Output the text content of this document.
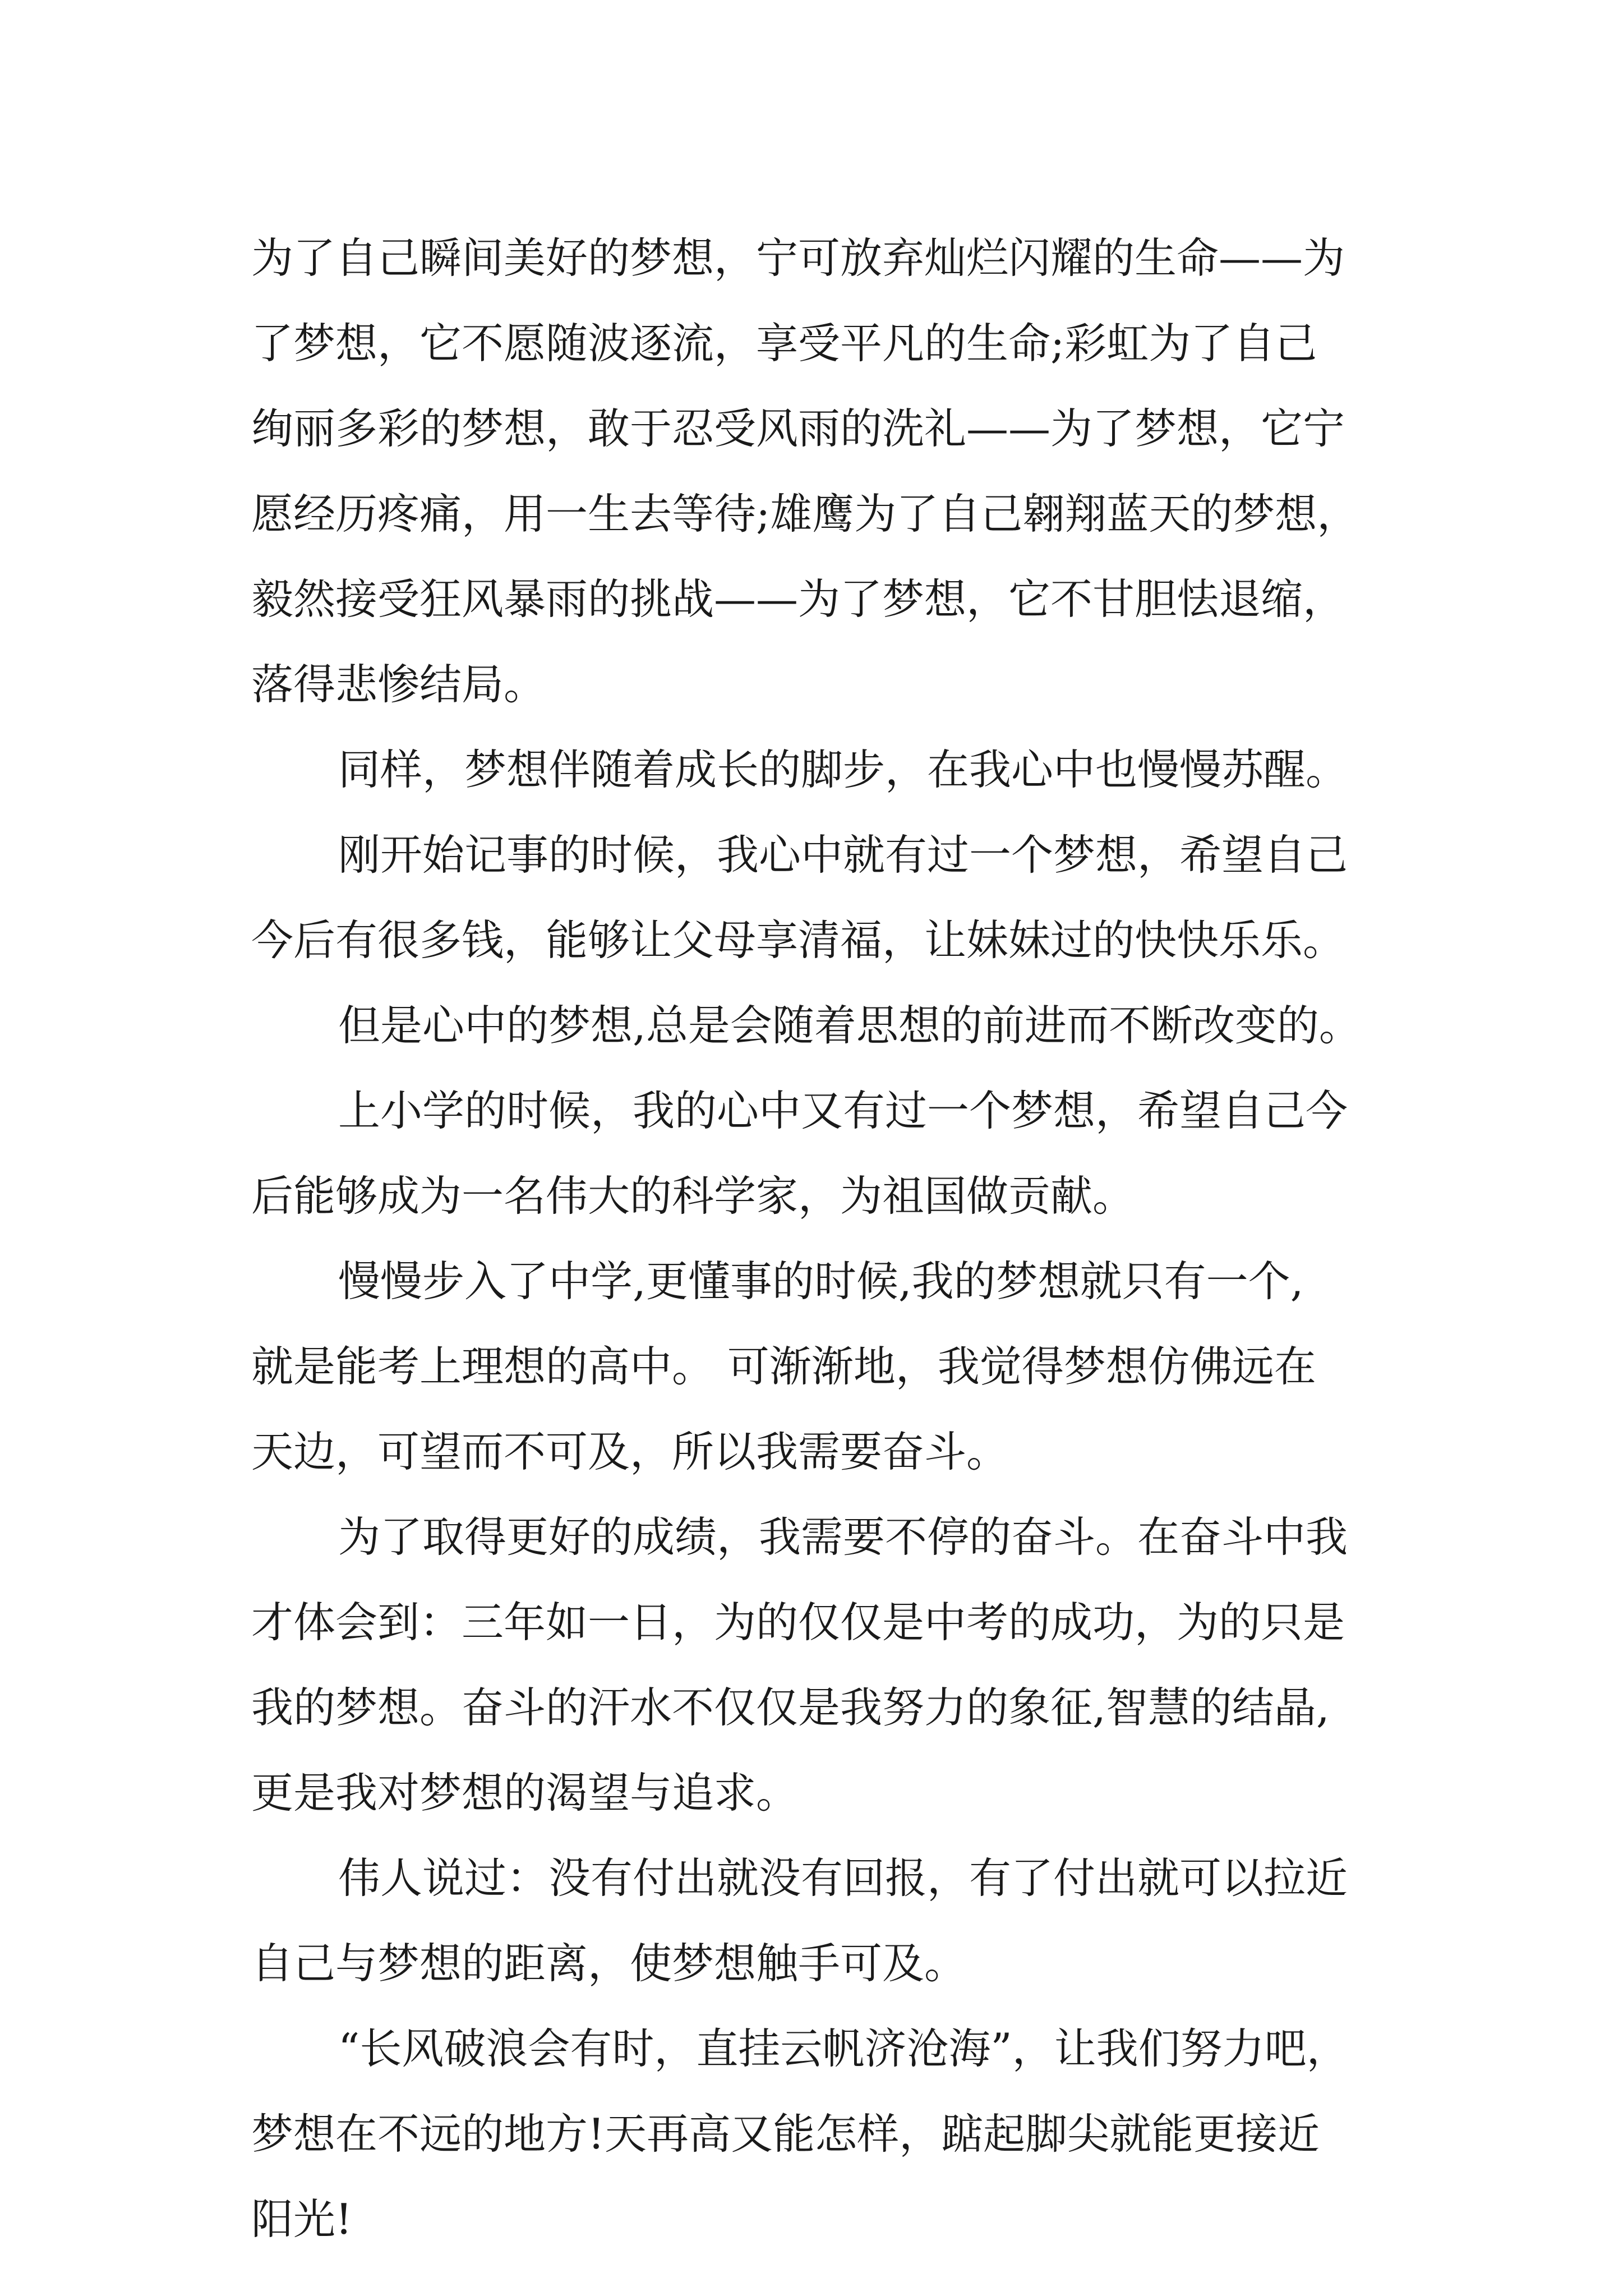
为了自己瞬间美好的梦想，宁可放弃灿烂闪耀的生命——为
了梦想，它不愿随波逐流，享受平凡的生命;彩虹为了自己
绚丽多彩的梦想，敢于忍受风雨的洗礼——为了梦想，它宁
愿经历疼痛，用一生去等待;雄鹰为了自己翱翔蓝天的梦想，
毅然接受狂风暴雨的挑战——为了梦想，它不甘胆怯退缩，
落得悲惨结局。
同样，梦想伴随着成长的脚步，在我心中也慢慢苏醒。
刚开始记事的时候，我心中就有过一个梦想，希望自己
今后有很多钱，能够让父母享清福，让妹妹过的快快乐乐。
但是心中的梦想,总是会随着思想的前进而不断改变的。
上小学的时候，我的心中又有过一个梦想，希望自己今
后能够成为一名伟大的科学家，为祖国做贡献。
慢慢步入了中学,更懂事的时候,我的梦想就只有一个,
就是能考上理想的高中。 可渐渐地，我觉得梦想仿佛远在
天边，可望而不可及，所以我需要奋斗。
为了取得更好的成绩，我需要不停的奋斗。在奋斗中我
才体会到：三年如一日，为的仅仅是中考的成功，为的只是
我的梦想。奋斗的汗水不仅仅是我努力的象征,智慧的结晶,
更是我对梦想的渴望与追求。
伟人说过：没有付出就没有回报，有了付出就可以拉近
自己与梦想的距离，使梦想触手可及。
“长风破浪会有时，直挂云帆济沧海”，让我们努力吧，
梦想在不远的地方!天再高又能怎样，踮起脚尖就能更接近
阳光!
